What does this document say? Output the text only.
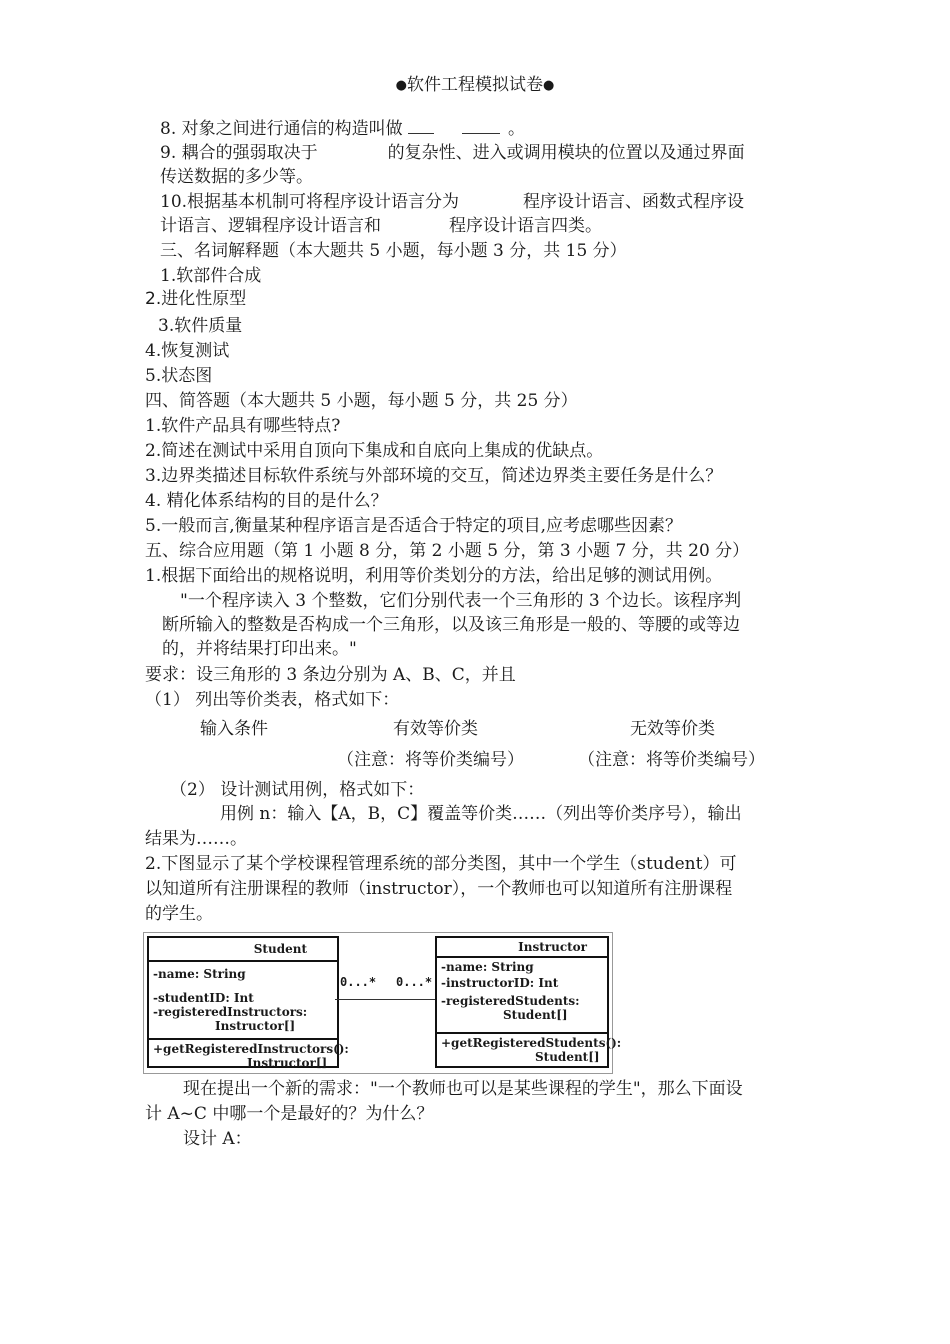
●软件工程模拟试卷●
8. 对象之间进行通信的构造叫做	。
9. 耦合的强弱取决于	的复杂性、进入或调用模块的位置以及通过界面
传送数据的多少等。
10.根据基本机制可将程序设计语言分为	程序设计语言、函数式程序设
计语言、逻辑程序设计语言和	程序设计语言四类。
三、名词解释题（本大题共 5 小题，每小题 3 分，共 15 分）
1.软部件合成
2.进化性原型
3.软件质量
4.恢复测试
5.状态图
四、简答题（本大题共 5 小题，每小题 5 分，共 25 分）
1.软件产品具有哪些特点?
2.简述在测试中采用自顶向下集成和自底向上集成的优缺点。
3.边界类描述目标软件系统与外部环境的交互，简述边界类主要任务是什么？
4. 精化体系结构的目的是什么？
5.一般而言,衡量某种程序语言是否适合于特定的项目,应考虑哪些因素？
五、综合应用题（第 1 小题 8 分，第 2 小题 5 分，第 3 小题 7 分，共 20 分）
1.根据下面给出的规格说明，利用等价类划分的方法，给出足够的测试用例。
"一个程序读入 3 个整数，它们分别代表一个三角形的 3 个边长。该程序判
断所输入的整数是否构成一个三角形，以及该三角形是一般的、等腰的或等边
的，并将结果打印出来。"
要求：设三角形的 3 条边分别为 A、B、C，并且
（1） 列出等价类表，格式如下：
输入条件	有效等价类	无效等价类
（注意：将等价类编号）	（注意：将等价类编号）
（2） 设计测试用例，格式如下：
用例 n：输入【A，B，C】覆盖等价类……（列出等价类序号），输出
结果为……。
2.下图显示了某个学校课程管理系统的部分类图，其中一个学生（student）可
以知道所有注册课程的教师（instructor），一个教师也可以知道所有注册课程
的学生。
Student
-name: String
-studentID: Int
-registeredInstructors:
Instructor[]
+getRegisteredInstructors():
Instructor[]
0...* 0...*
Instructor
-name: String
-instructorID: Int
-registeredStudents:
Student[]
+getRegisteredStudents():
Student[]
现在提出一个新的需求："一个教师也可以是某些课程的学生"，那么下面设
计 A~C 中哪一个是最好的？为什么？
设计 A：
